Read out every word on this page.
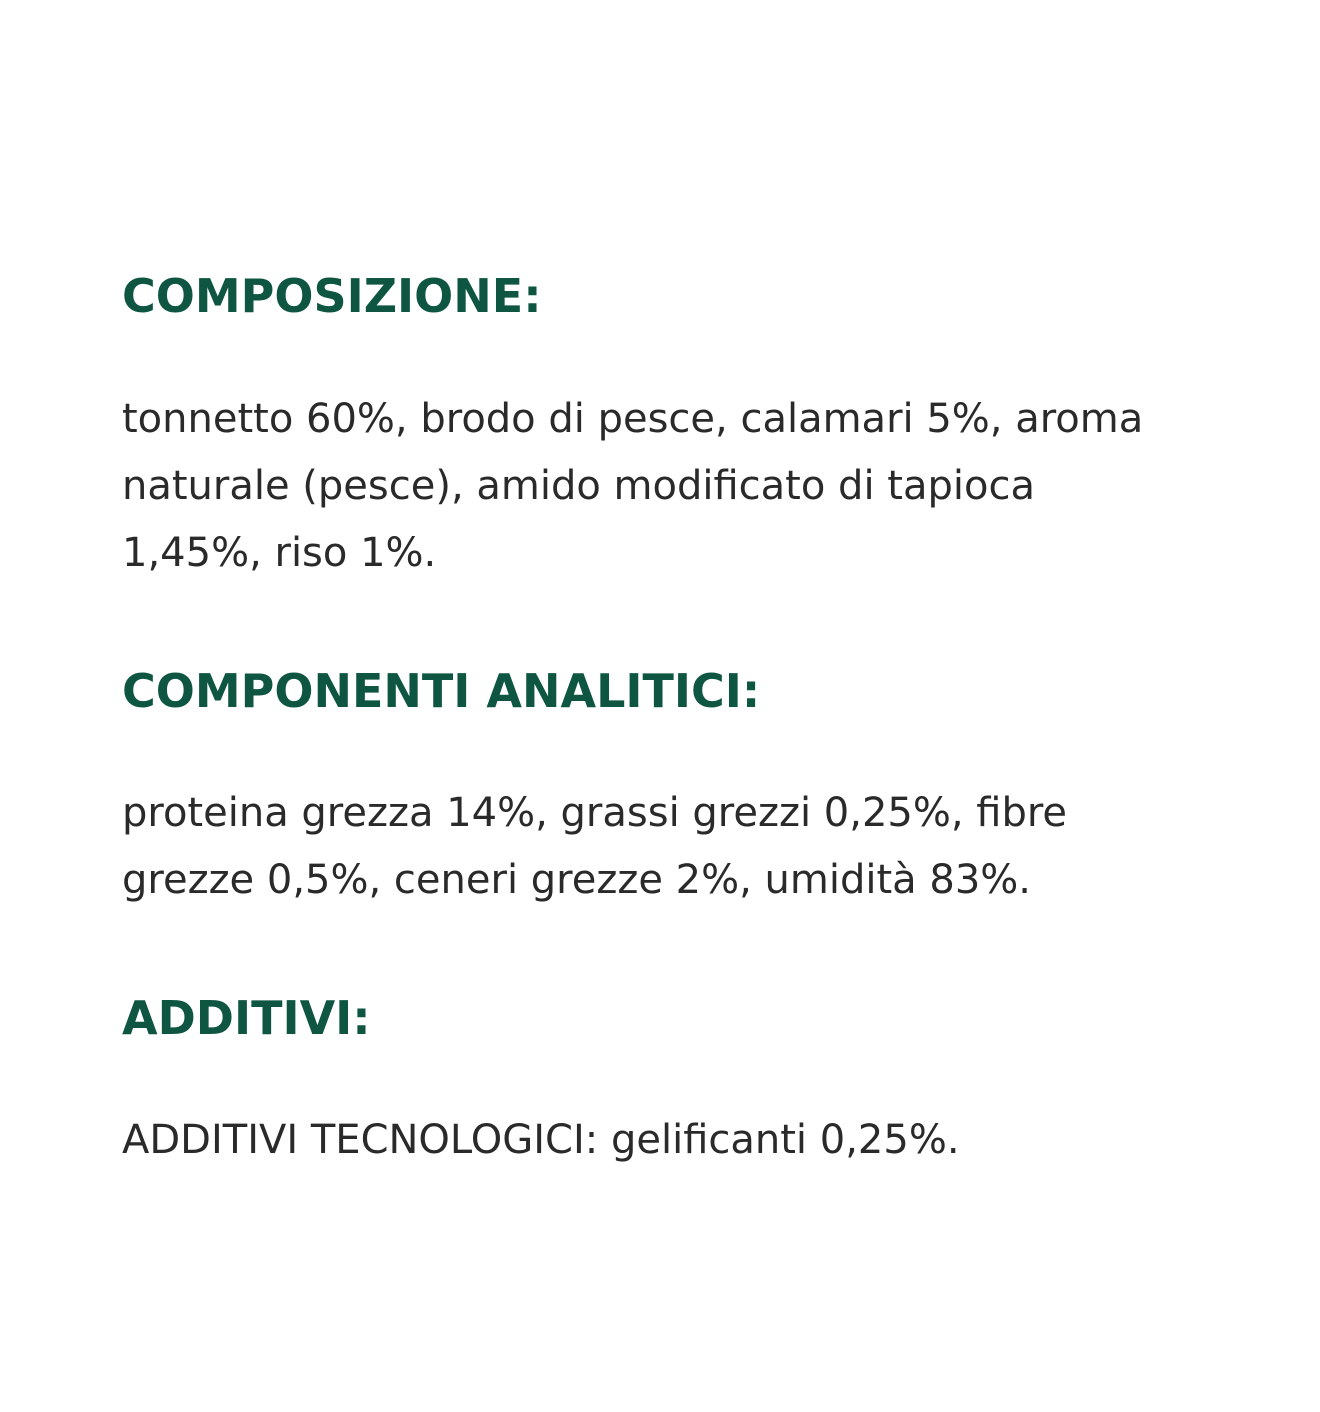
COMPOSIZIONE:

tonnetto 60%, brodo di pesce, calamari 5%, aroma
naturale (pesce), amido modificato di tapioca
1,45%, riso 1%.

COMPONENTI ANALITICI:

proteina grezza 14%, grassi grezzi 0,25%, fibre
grezze 0,5%, ceneri grezze 2%, umidità 83%.

ADDITIVI:

ADDITIVI TECNOLOGICI: gelificanti 0,25%.
